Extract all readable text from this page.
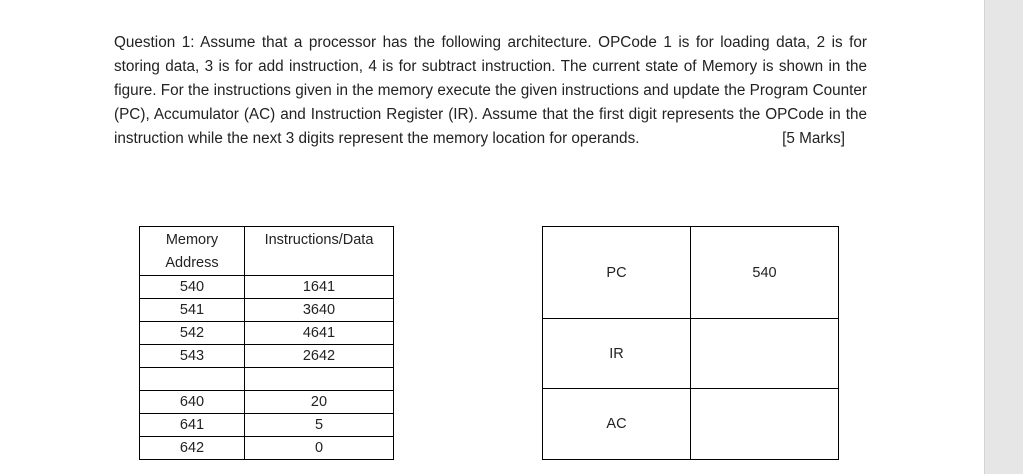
Question 1: Assume that a processor has the following architecture. OPCode 1 is for loading data, 2 is for storing data, 3 is for add instruction, 4 is for subtract instruction. The current state of Memory is shown in the figure. For the instructions given in the memory execute the given instructions and update the Program Counter (PC), Accumulator (AC) and Instruction Register (IR). Assume that the first digit represents the OPCode in the instruction while the next 3 digits represent the memory location for operands.	[5 Marks]

Memory Address	Instructions/Data
540	1641
541	3640
542	4641
543	2642

640	20
641	5
642	0
PC	540
IR	
AC	
